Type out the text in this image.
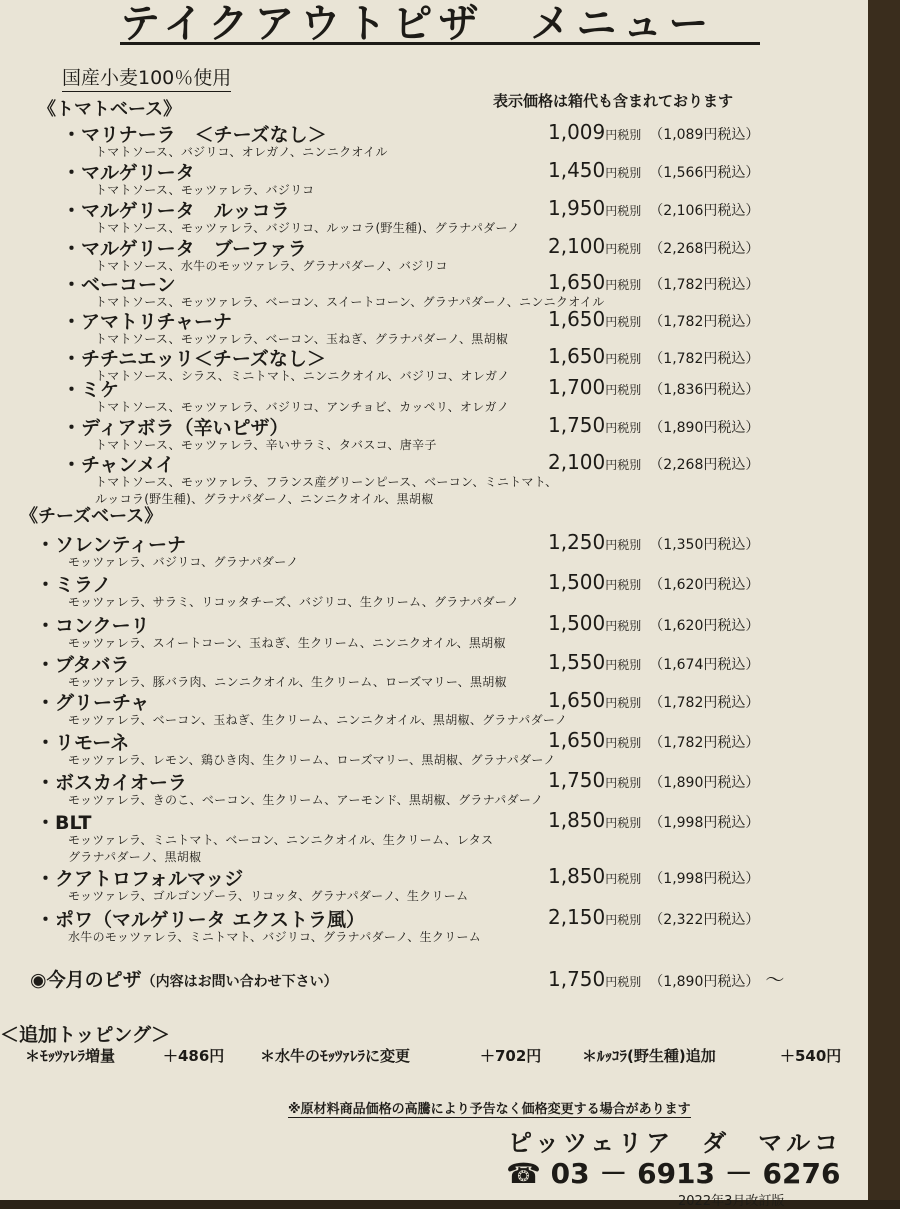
テイクアウトピザ　メニュー
国産小麦100％使用
《トマトベース》	表示価格は箱代も含まれております
・マリナーラ　＜チーズなし＞	1,009円税別 （1,089円税込）
トマトソース、バジリコ、オレガノ、ニンニクオイル
・マルゲリータ	1,450円税別 （1,566円税込）
トマトソース、モッツァレラ、バジリコ
・マルゲリータ　ルッコラ	1,950円税別 （2,106円税込）
トマトソース、モッツァレラ、バジリコ、ルッコラ(野生種)、グラナパダーノ
・マルゲリータ　ブーファラ	2,100円税別 （2,268円税込）
トマトソース、水牛のモッツァレラ、グラナパダーノ、バジリコ
・ベーコーン	1,650円税別 （1,782円税込）
トマトソース、モッツァレラ、ベーコン、スイートコーン、グラナパダーノ、ニンニクオイル
・アマトリチャーナ	1,650円税別 （1,782円税込）
トマトソース、モッツァレラ、ベーコン、玉ねぎ、グラナパダーノ、黒胡椒
・チチニエッリ＜チーズなし＞	1,650円税別 （1,782円税込）
トマトソース、シラス、ミニトマト、ニンニクオイル、バジリコ、オレガノ
・ミケ	1,700円税別 （1,836円税込）
トマトソース、モッツァレラ、バジリコ、アンチョビ、カッペリ、オレガノ
・ディアボラ（辛いピザ）	1,750円税別 （1,890円税込）
トマトソース、モッツァレラ、辛いサラミ、タバスコ、唐辛子
・チャンメイ	2,100円税別 （2,268円税込）
トマトソース、モッツァレラ、フランス産グリーンピース、ベーコン、ミニトマト、
ルッコラ(野生種)、グラナパダーノ、ニンニクオイル、黒胡椒
《チーズベース》
・ソレンティーナ	1,250円税別 （1,350円税込）
モッツァレラ、バジリコ、グラナパダーノ
・ミラノ	1,500円税別 （1,620円税込）
モッツァレラ、サラミ、リコッタチーズ、バジリコ、生クリーム、グラナパダーノ
・コンクーリ	1,500円税別 （1,620円税込）
モッツァレラ、スイートコーン、玉ねぎ、生クリーム、ニンニクオイル、黒胡椒
・ブタバラ	1,550円税別 （1,674円税込）
モッツァレラ、豚バラ肉、ニンニクオイル、生クリーム、ローズマリー、黒胡椒
・グリーチャ	1,650円税別 （1,782円税込）
モッツァレラ、ベーコン、玉ねぎ、生クリーム、ニンニクオイル、黒胡椒、グラナパダーノ
・リモーネ	1,650円税別 （1,782円税込）
モッツァレラ、レモン、鶏ひき肉、生クリーム、ローズマリー、黒胡椒、グラナパダーノ
・ボスカイオーラ	1,750円税別 （1,890円税込）
モッツァレラ、きのこ、ベーコン、生クリーム、アーモンド、黒胡椒、グラナパダーノ
・BLT	1,850円税別 （1,998円税込）
モッツァレラ、ミニトマト、ベーコン、ニンニクオイル、生クリーム、レタス
グラナパダーノ、黒胡椒
・クアトロフォルマッジ	1,850円税別 （1,998円税込）
モッツァレラ、ゴルゴンゾーラ、リコッタ、グラナパダーノ、生クリーム
・ポワ（マルゲリータ エクストラ風）	2,150円税別 （2,322円税込）
水牛のモッツァレラ、ミニトマト、バジリコ、グラナパダーノ、生クリーム
◉今月のピザ（内容はお問い合わせ下さい）	1,750円税別 （1,890円税込） ～
＜追加トッピング＞
＊ﾓｯﾂｧﾚﾗ増量	＋486円 ＊水牛のﾓｯﾂｧﾚﾗに変更	＋702円	＊ﾙｯｺﾗ(野生種)追加	＋540円
※原材料商品価格の高騰により予告なく価格変更する場合があります
ピッツェリア　ダ　マルコ
☎ 03 － 6913 － 6276
2022年3月改訂版
